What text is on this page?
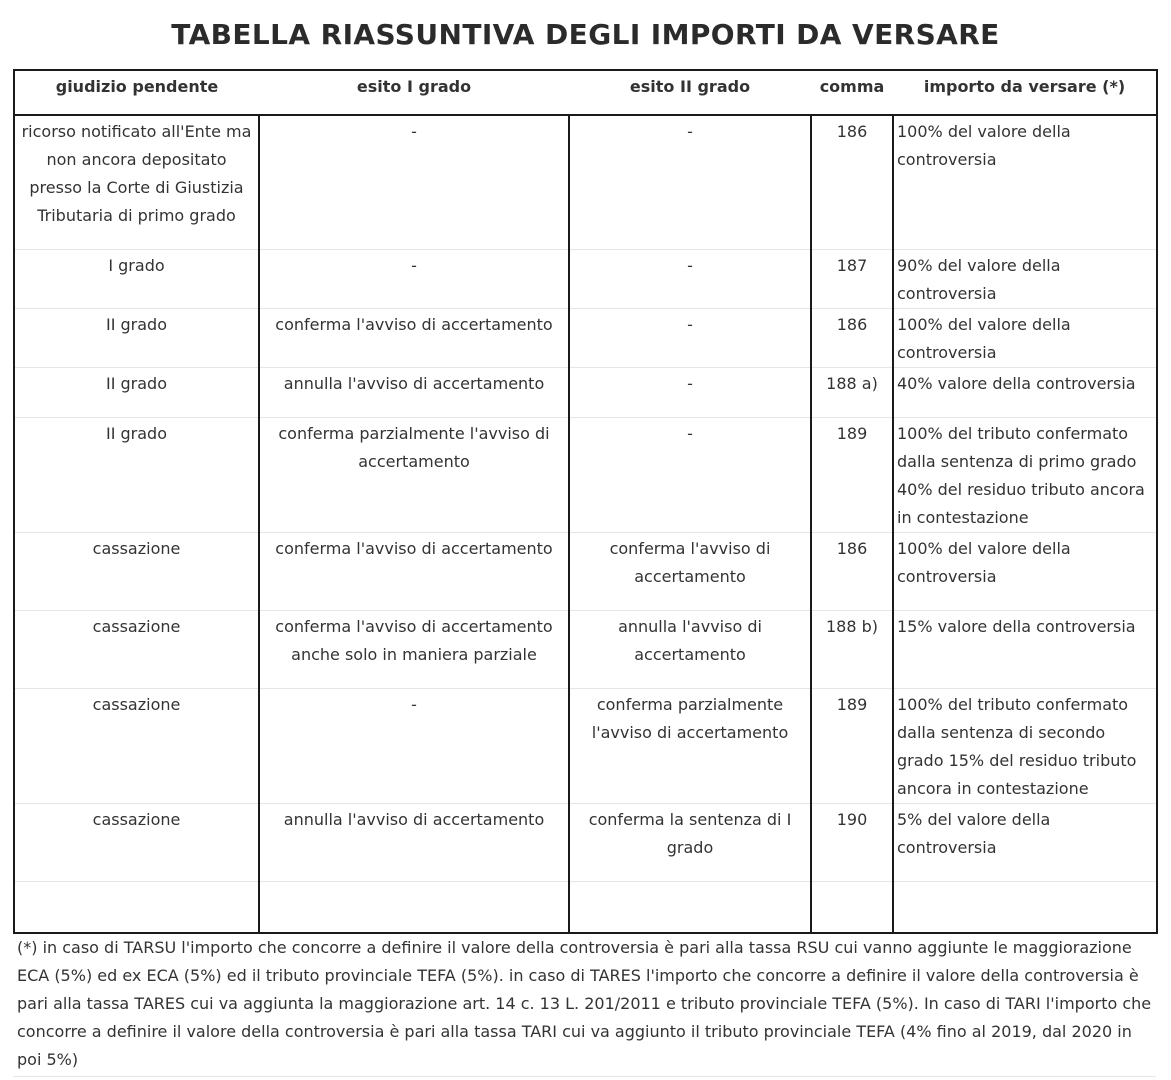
TABELLA RIASSUNTIVA DEGLI IMPORTI DA VERSARE
giudizio pendente	esito I grado	esito II grado	comma	importo da versare (*)
ricorso notificato all'Ente ma non ancora depositato presso la Corte di Giustizia Tributaria di primo grado	-	-	186	100% del valore della controversia
I grado	-	-	187	90% del valore della controversia
II grado	conferma l'avviso di accertamento	-	186	100% del valore della controversia
II grado	annulla l'avviso di accertamento	-	188 a)	40% valore della controversia
II grado	conferma parzialmente l'avviso di accertamento	-	189	100% del tributo confermato dalla sentenza di primo grado 40% del residuo tributo ancora in contestazione
cassazione	conferma l'avviso di accertamento	conferma l'avviso di accertamento	186	100% del valore della controversia
cassazione	conferma l'avviso di accertamento anche solo in maniera parziale	annulla l'avviso di accertamento	188 b)	15% valore della controversia
cassazione	-	conferma parzialmente l'avviso di accertamento	189	100% del tributo confermato dalla sentenza di secondo grado 15% del residuo tributo ancora in contestazione
cassazione	annulla l'avviso di accertamento	conferma la sentenza di I grado	190	5% del valore della controversia

(*) in caso di TARSU l'importo che concorre a definire il valore della controversia è pari alla tassa RSU cui vanno aggiunte le maggiorazione ECA (5%) ed ex ECA (5%) ed il tributo provinciale TEFA (5%). in caso di TARES l'importo che concorre a definire il valore della controversia è pari alla tassa TARES cui va aggiunta la maggiorazione art. 14 c. 13 L. 201/2011 e tributo provinciale TEFA (5%). In caso di TARI l'importo che concorre a definire il valore della controversia è pari alla tassa TARI cui va aggiunto il tributo provinciale TEFA (4% fino al 2019, dal 2020 in poi 5%)
